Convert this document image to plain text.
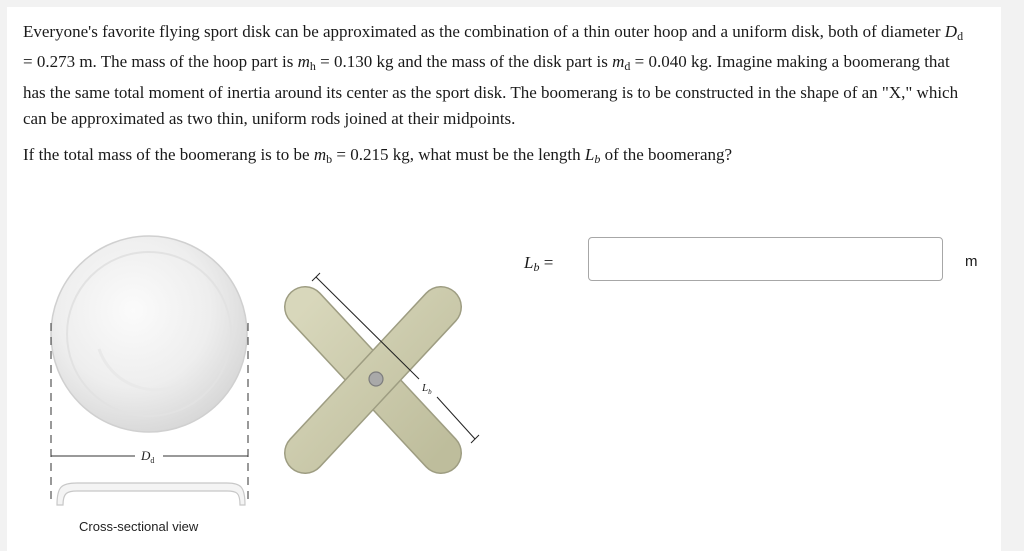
Everyone's favorite flying sport disk can be approximated as the combination of a thin outer hoop and a uniform disk, both of diameter $D_d = 0.273$ m. The mass of the hoop part is $m_h = 0.130$ kg and the mass of the disk part is $m_d = 0.040$ kg. Imagine making a boomerang that has the same total moment of inertia around its center as the sport disk. The boomerang is to be constructed in the shape of an "X," which can be approximated as two thin, uniform rods joined at their midpoints.

If the total mass of the boomerang is to be $m_b = 0.215$ kg, what must be the length Lb of the boomerang?

$D_d$
$L_b$
Cross-sectional view
Lb =	m
